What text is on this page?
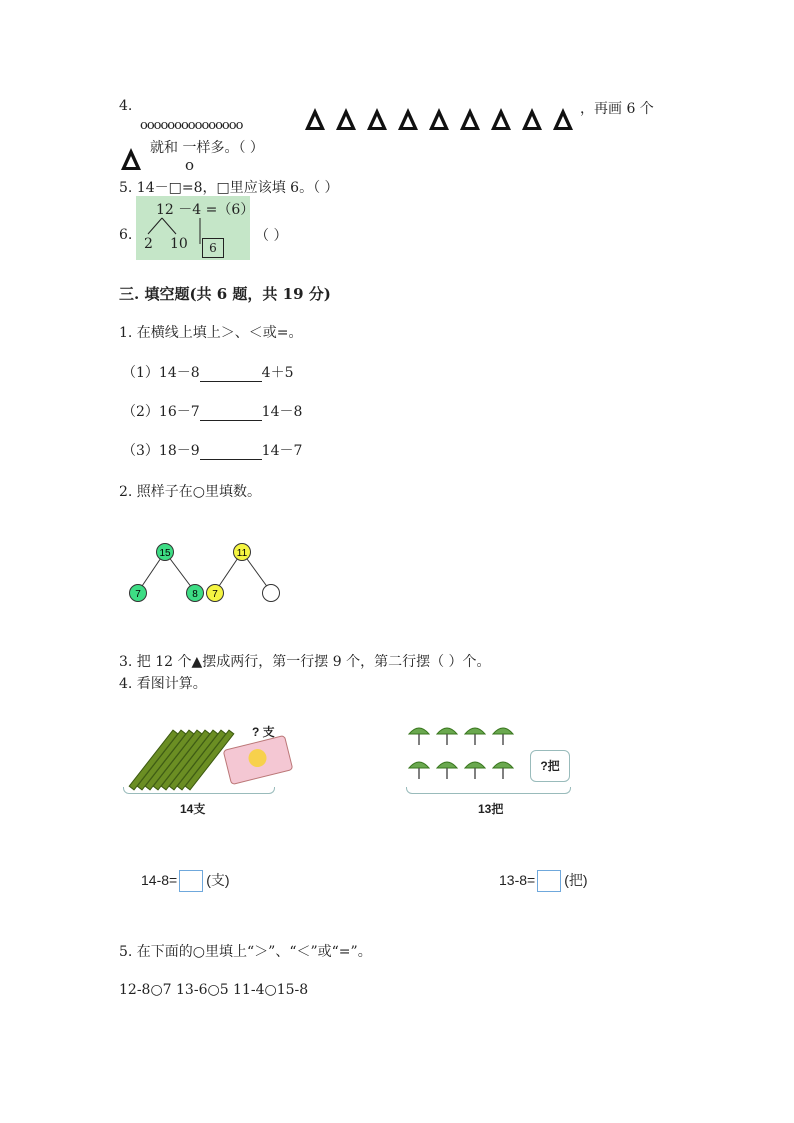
4.
ooooooooooooooo
，再画 6 个
就和 一样多。（ ）
o
5. 14－□=8，□里应该填 6。（ ）
6.
12 －4 =（6）
2 10	6
（ ）
三. 填空题(共 6 题，共 19 分)
1. 在横线上填上＞、＜或=。
（1）14－8	4＋5
（2）16－7	14－8
（3）18－9	14－7
2. 照样子在○里填数。
15
7	8
11
7
3. 把 12 个▲摆成两行，第一行摆 9 个，第二行摆（ ）个。
4. 看图计算。
? 支
14支
?把
13把
14-8= (支)	13-8= (把)
5. 在下面的○里填上“＞”、“＜”或“=”。
12-8○7 13-6○5 11-4○15-8
